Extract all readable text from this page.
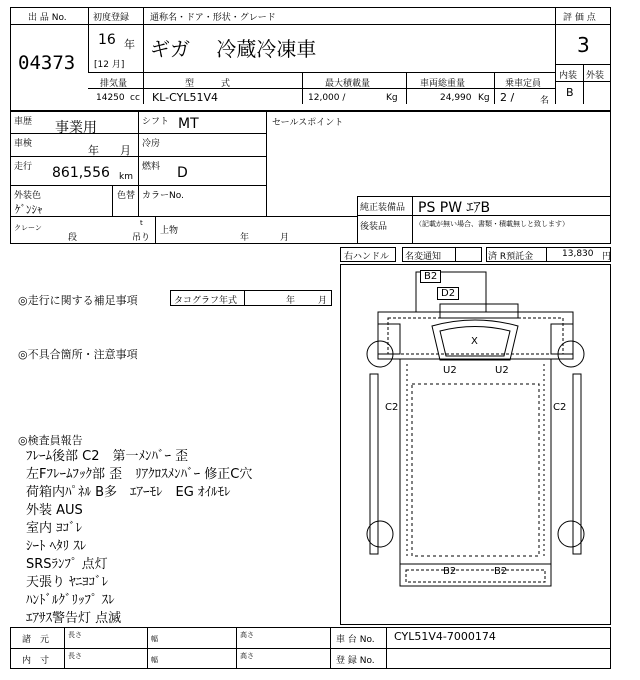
出 品 No.	初度登録 通称名・ドア・形状・グレード	評 価 点
04373
16 年
[12 月]
ギガ　 冷蔵冷凍車	3
内装 外装
B
排気量	型　　　式	最大積載量	車両総重量	乗車定員
14250 cc KL-CYL51V4	12,000 /	Kg	24,990 Kg 2 /	名
車歴 事業用	シフト MT	セールスポイント
車検	年 月 冷房
走行 861,556 km
燃料 D
外装色
ｹﾞﾝｼｬ
色替 カラーNo.
純正装備品 PS PW ｴｱB
後装品	（記載が無い場合、書類・積載無しと致します）
クレーン
段
t
吊り
上物
年	月
右ハンドル 名変通知	済 R預託金	13,830 円
◎走行に関する補足事項	タコグラフ年式	年	月
◎不具合箇所・注意事項
◎検査員報告
ﾌﾚｰﾑ後部 C2　第一ﾒﾝﾊﾞｰ 歪
左Fﾌﾚｰﾑﾌｯｸ部 歪　ﾘｱｸﾛｽﾒﾝﾊﾞｰ 修正C穴
荷箱内ﾊﾟﾈﾙ B多　ｴｱｰﾓﾚ　EG ｵｲﾙﾓﾚ
外装 AUS
室内 ﾖｺﾞﾚ
ｼｰﾄ ﾍﾀﾘ ｽﾚ
SRSﾗﾝﾌﾟ 点灯
天張り ﾔﾆﾖｺﾞﾚ
ﾊﾝﾄﾞﾙｸﾞﾘｯﾌﾟ ｽﾚ
ｴｱｻｽ警告灯 点滅
B2
D2
X
U2	U2
C2	C2
B2	B2
諸　元
内　寸
長さ	幅	高さ
長さ	幅	高さ
車 台 No. CYL51V4-7000174
登 録 No.
